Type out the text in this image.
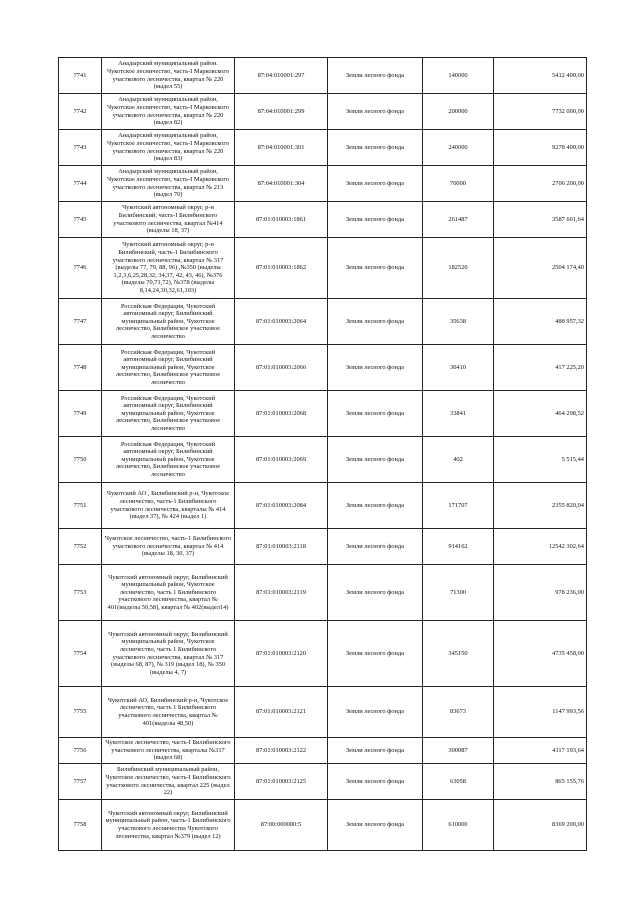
7741	Анадырский муниципальный район. Чукотское лесничество, часть-I Марковского участкового лесничества, квартал № 220 (выдел 55)	87:04:010001:297	Земли лесного фонда	140000	5412 400,00
7742	Анадырский муниципальный район, Чукотское лесничество, часть-I Марковского участкового лесничества, квартал № 220 (выдел 82)	87:04:010001:299	Земли лесного фонда	200000	7732 000,00
7743	Анадырский муниципальный район, Чукотское лесничество, часть-I Марковского участкового лесничества, квартал № 220 (выдел 83)	87:04:010001:301	Земли лесного фонда	240000	9278 400,00
7744	Анадырский муниципальный район, Чукотское лесничество, часть-I Марковского участкового лесничества, квартал № 213 (выдел 70)	87:04:010001:304	Земли лесного фонда	70000	2706 200,00
7745	Чукотский автономный округ, р-н Билибинский, часть-I Билибинского участкового лесничества, квартал №414 (выделы 18, 37)	87:01:010003:1861	Земли лесного фонда	261487	3587 601,64
7746	Чукотский автономный округ, р-н Билибинский, часть-1 Билибинского участкового лесничества, квартал № 317 (выделы 77, 79, 88, 96) ,№350 (выделы 1,2,3,6,25,28,32, 34,37, 42, 43, 46), №376 (выделы 70,71,72), №378 (выделы 8,14,24,30,32,61,103)	87:01:010003:1862	Земли лесного фонда	182520	2504 174,40
7747	Российская Федерация, Чукотский автономный округ, Билибинский муниципальный район, Чукотское лесничество, Билибинское участковое лесничество	87:01:010003:2064	Земли лесного фонда	35638	488 957,32
7748	Российская Федерация, Чукотский автономный округ, Билибинский муниципальный район, Чукотское лесничество, Билибинское участковое лесничество	87:01:010003:2066	Земли лесного фонда	30410	417 225,20
7749	Российская Федерация, Чукотский автономный округ, Билибинский муниципальный район, Чукотское лесничество, Билибинское участковое лесничество	87:01:010003:2068	Земли лесного фонда	33841	464 298,52
7750	Российская Федерация, Чукотский автономный округ, Билибинский муниципальный район, Чукотское лесничество, Билибинское участковое лесничество	87:01:010003:2069	Земли лесного фонда	402	5 515,44
7751	Чукотский АО , Билибинский р-н, Чукотское лесничество, часть-1 Билибинского участкового лесничества, кварталы № 414 (выдел 37), № 424 (выдел 1)	87:01:010003:2084	Земли лесного фонда	171707	2355 820,04
7752	Чукотское лесничество, часть-1 Билибинского участкового лесничества, квартал № 414 (выделы 18, 30, 37)	87:01:010003:2118	Земли лесного фонда	914162	12542 302,64
7753	Чукотский автономный округ, Билибинский муниципальный район, Чукотское лесничество, часть 1 Билибинского участкового лесничества, квартал № 401(выделы 50,58), квартал № 402(выдел14)	87:01:010003:2119	Земли лесного фонда	71300	978 236,00
7754	Чукотский автономный округ, Билибинский муниципальный район, Чукотское лесничество, часть 1 Билибинского участкового лесничества, квартал № 317 (выделы 68, 87), № 319 (выдел 18), № 350 (выделы 4, 7)	87:01:010003:2120	Земли лесного фонда	345150	4735 458,00
7755	Чукотский АО, Билибинский р-н, Чукотское лесничество, часть 1 Билибинского участкового лесничества, квартал № 401(выделы 48,50)	87:01:010003:2121	Земли лесного фонда	83673	1147 993,56
7756	Чукотское лесничество, часть-I Билибинского участкового лесничества, кварталы №317 (выдел 68)	87:01:010003:2122	Земли лесного фонда	300087	4117 193,64
7757	Билибинский муниципальный район, Чукотское лесничество, часть-I Билибинского участкового лесничества, квартал 225 (выдел 22)	87:01:010003:2125	Земли лесного фонда	63058	865 155,76
7758	Чукотский автономный округ, Билибинский муниципальный район, часть-1 Билибинского участкового лесничества Чукотского лесничества, квартал №379 (выдел 12)	87:00:000000:5	Земли лесного фонда	610000	8369 200,00
